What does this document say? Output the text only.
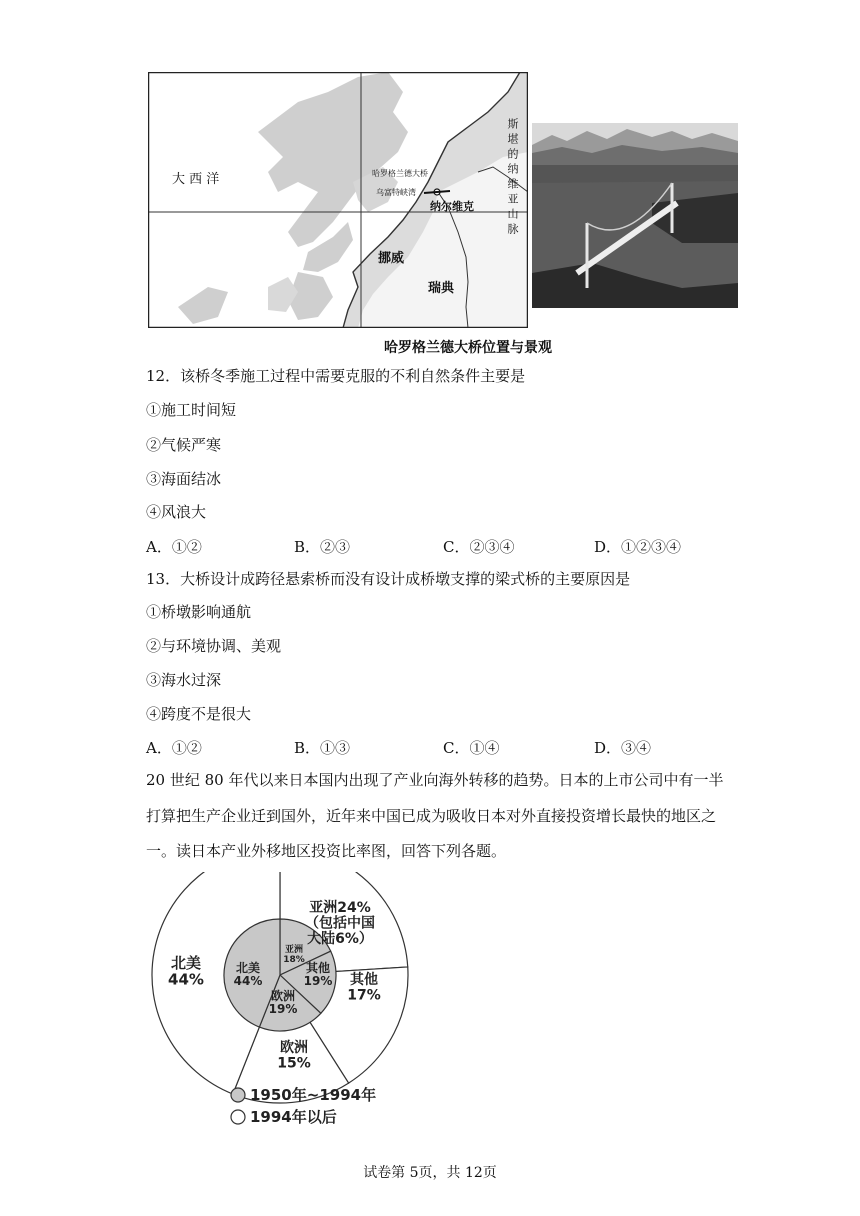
大 西 洋	哈罗格兰德大桥
乌富特峡湾
纳尔维克
挪威
瑞典
斯堪的纳维亚山脉
哈罗格兰德大桥位置与景观
12．该桥冬季施工过程中需要克服的不利自然条件主要是
①施工时间短
②气候严寒
③海面结冰
④风浪大
A．①②	B．②③	C．②③④	D．①②③④
13．大桥设计成跨径悬索桥而没有设计成桥墩支撑的梁式桥的主要原因是
①桥墩影响通航
②与环境协调、美观
③海水过深
④跨度不是很大
A．①②	B．①③	C．①④	D．③④
20 世纪 80 年代以来日本国内出现了产业向海外转移的趋势。日本的上市公司中有一半
打算把生产企业迁到国外，近年来中国已成为吸收日本对外直接投资增长最快的地区之
一。读日本产业外移地区投资比率图，回答下列各题。
北美 44%
亚洲24%（包括中国大陆6%）
其他 17%
欧洲 15%
北美 44%
亚洲 18%
其他 19%
欧洲 19%
1950年~1994年
1994年以后
试卷第 5页，共 12页
